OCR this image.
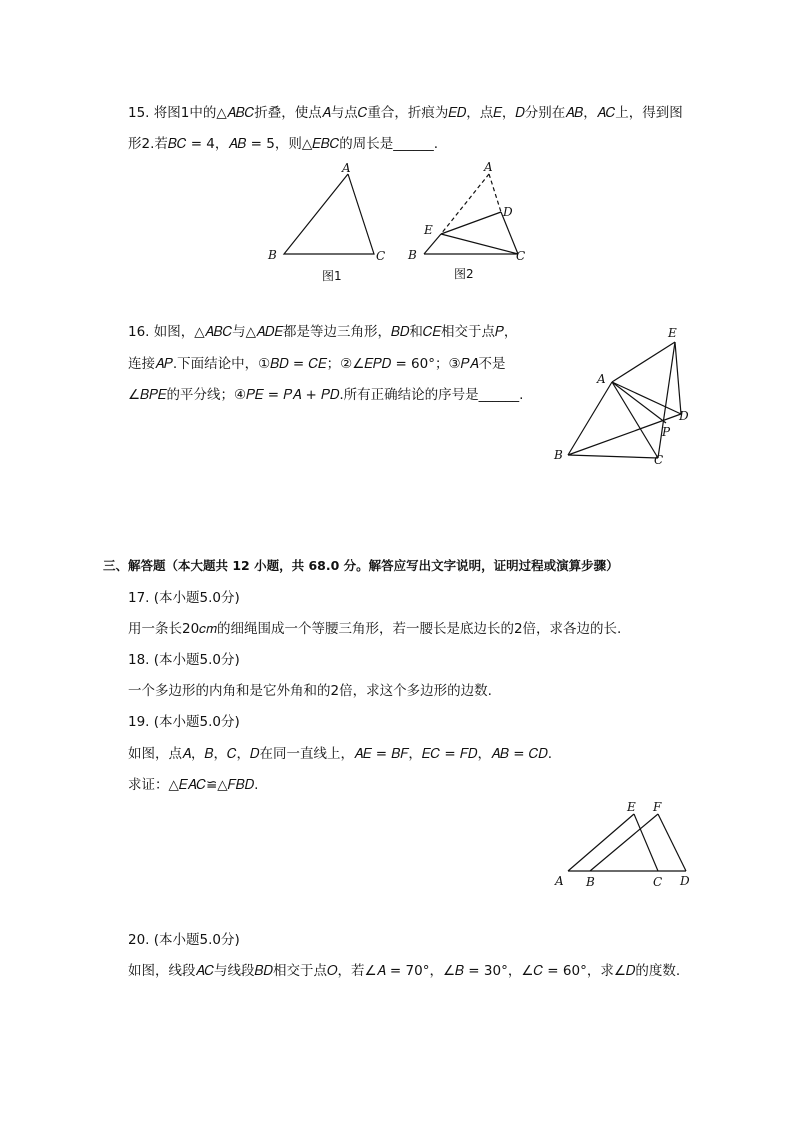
15. 将图1中的△𝐴𝐵𝐶折叠，使点𝐴与点𝐶重合，折痕为𝐸𝐷，点𝐸，𝐷分别在𝐴𝐵，𝐴𝐶上，得到图
形2.若𝐵𝐶 = 4，𝐴𝐵 = 5，则△𝐸𝐵𝐶的周长是______.
A
B	C
图1
A
D
E
B	C
图2
16. 如图，△𝐴𝐵𝐶与△𝐴𝐷𝐸都是等边三角形，𝐵𝐷和𝐶𝐸相交于点𝑃，
连接𝐴𝑃.下面结论中，①𝐵𝐷 = 𝐶𝐸；②∠𝐸𝑃𝐷 = 60°；③𝑃𝐴不是
∠𝐵𝑃𝐸的平分线；④𝑃𝐸 = 𝑃𝐴 + 𝑃𝐷.所有正确结论的序号是______.
E
A
D
P
B	C
三、解答题（本大题共 12 小题，共 68.0 分。解答应写出文字说明，证明过程或演算步骤）
17. (本小题5.0分)
用一条长20𝑐𝑚的细绳围成一个等腰三角形，若一腰长是底边长的2倍，求各边的长.
18. (本小题5.0分)
一个多边形的内角和是它外角和的2倍，求这个多边形的边数.
19. (本小题5.0分)
如图，点𝐴，𝐵，𝐶，𝐷在同一直线上，𝐴𝐸 = 𝐵𝐹，𝐸𝐶 = 𝐹𝐷，𝐴𝐵 = 𝐶𝐷.
求证：△𝐸𝐴𝐶≌△𝐹𝐵𝐷.
E F
A B	C D
20. (本小题5.0分)
如图，线段𝐴𝐶与线段𝐵𝐷相交于点𝑂，若∠𝐴 = 70°，∠𝐵 = 30°，∠𝐶 = 60°，求∠𝐷的度数.
